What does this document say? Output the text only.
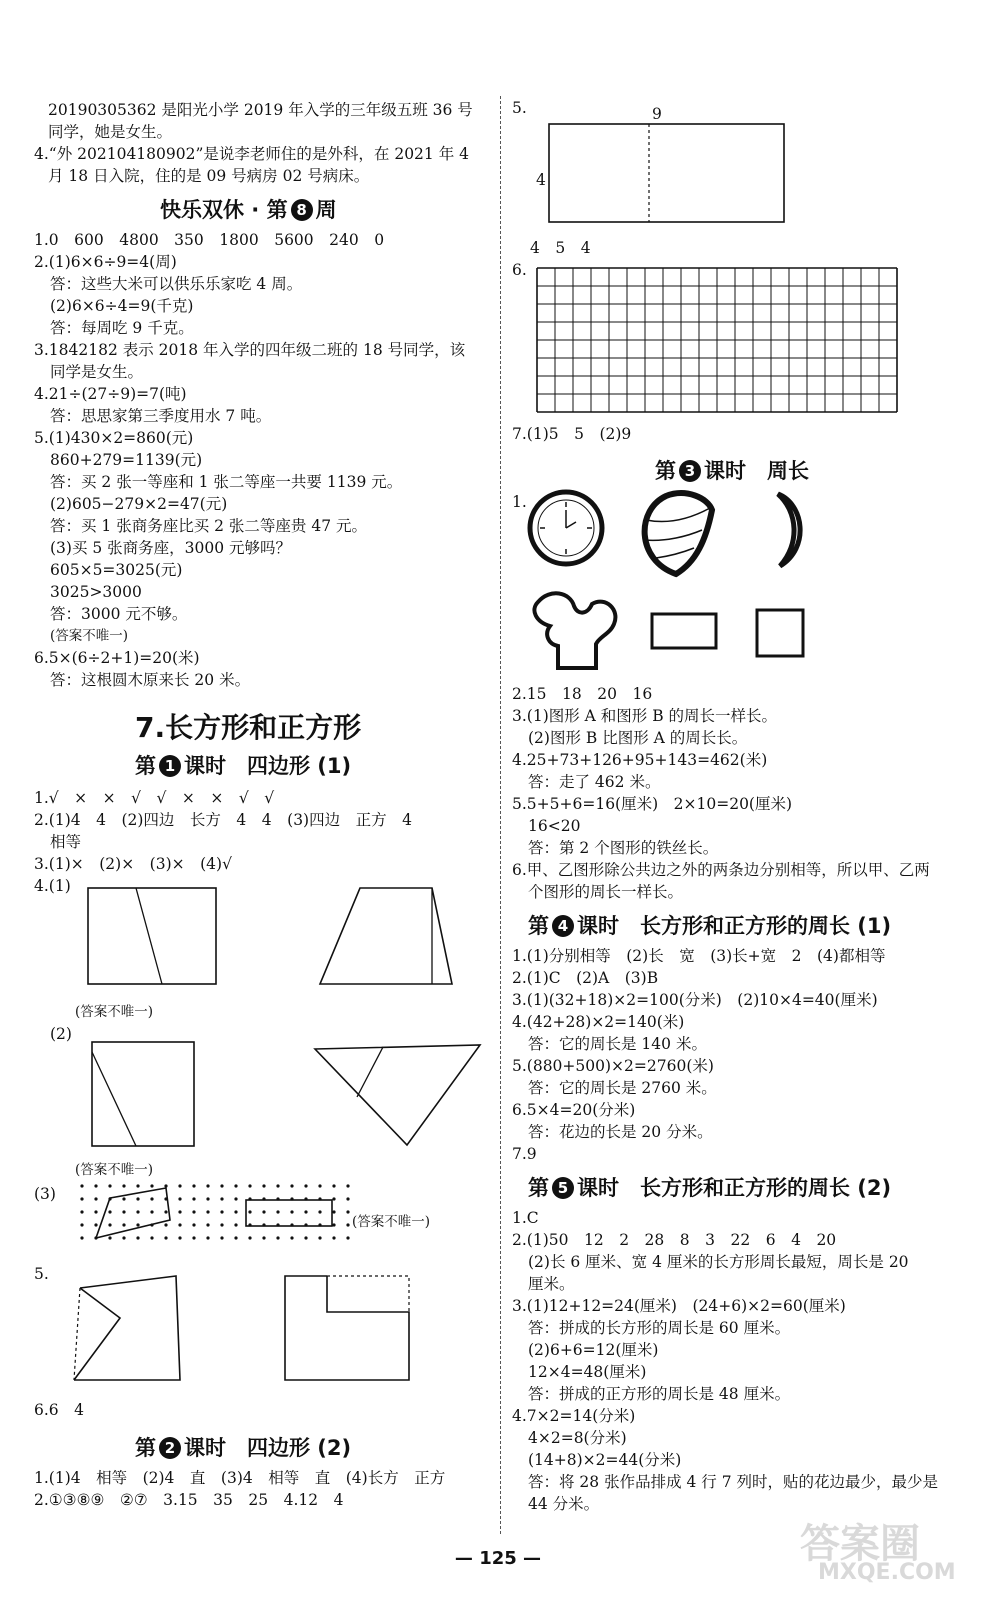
20190305362 是阳光小学 2019 年入学的三年级五班 36 号
同学，她是女生。
4.“外 202104180902”是说李老师住的是外科，在 2021 年 4
月 18 日入院，住的是 09 号病房 02 号病床。
快乐双休 · 第 8 周
1.0　600　4800　350　1800　5600　240　0
2.(1)6×6÷9=4(周)
答：这些大米可以供乐乐家吃 4 周。
(2)6×6÷4=9(千克)
答：每周吃 9 千克。
3.1842182 表示 2018 年入学的四年级二班的 18 号同学，该
同学是女生。
4.21÷(27÷9)=7(吨)
答：思思家第三季度用水 7 吨。
5.(1)430×2=860(元)
860+279=1139(元)
答：买 2 张一等座和 1 张二等座一共要 1139 元。
(2)605−279×2=47(元)
答：买 1 张商务座比买 2 张二等座贵 47 元。
(3)买 5 张商务座，3000 元够吗？
605×5=3025(元)
3025>3000
答：3000 元不够。
(答案不唯一)
6.5×(6÷2+1)=20(米)
答：这根圆木原来长 20 米。
7.长方形和正方形
第 1 课时　四边形 (1)
1.√　×　×　√　√　×　×　√　√
2.(1)4　4　(2)四边　长方　4　4　(3)四边　正方　4
相等
3.(1)×　(2)×　(3)×　(4)√
4.(1)
(答案不唯一)
(2)
(答案不唯一)
(3)
(答案不唯一)
5.
6.6　4
第 2 课时　四边形 (2)
1.(1)4　相等　(2)4　直　(3)4　相等　直　(4)长方　正方
2.①③⑧⑨　②⑦　3.15　35　25　4.12　4
5.	9
4
4　5　4
6.
7.(1)5　5　(2)9
第 3 课时　周长
1.
2.15　18　20　16
3.(1)图形 A 和图形 B 的周长一样长。
(2)图形 B 比图形 A 的周长长。
4.25+73+126+95+143=462(米)
答：走了 462 米。
5.5+5+6=16(厘米)　2×10=20(厘米)
16<20
答：第 2 个图形的铁丝长。
6.甲、乙图形除公共边之外的两条边分别相等，所以甲、乙两
个图形的周长一样长。
第 4 课时　长方形和正方形的周长 (1)
1.(1)分别相等　(2)长　宽　(3)长+宽　2　(4)都相等
2.(1)C　(2)A　(3)B
3.(1)(32+18)×2=100(分米)　(2)10×4=40(厘米)
4.(42+28)×2=140(米)
答：它的周长是 140 米。
5.(880+500)×2=2760(米)
答：它的周长是 2760 米。
6.5×4=20(分米)
答：花边的长是 20 分米。
7.9
第 5 课时　长方形和正方形的周长 (2)
1.C
2.(1)50　12　2　28　8　3　22　6　4　20
(2)长 6 厘米、宽 4 厘米的长方形周长最短，周长是 20
厘米。
3.(1)12+12=24(厘米)　(24+6)×2=60(厘米)
答：拼成的长方形的周长是 60 厘米。
(2)6+6=12(厘米)
12×4=48(厘米)
答：拼成的正方形的周长是 48 厘米。
4.7×2=14(分米)
4×2=8(分米)
(14+8)×2=44(分米)
答：将 28 张作品排成 4 行 7 列时，贴的花边最少，最少是
44 分米。
— 125 —	答案圈
MXQE.COM
